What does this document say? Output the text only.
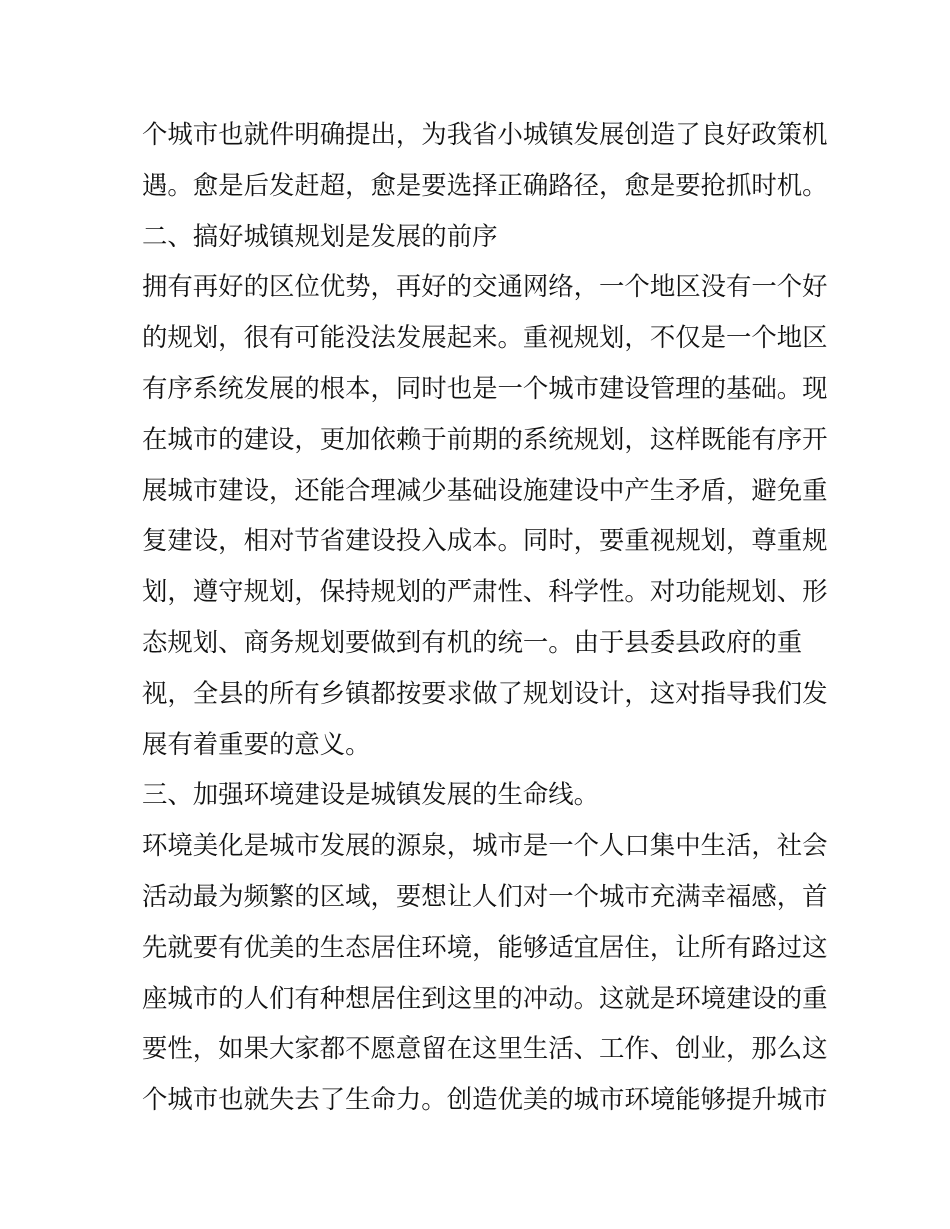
个城市也就件明确提出，为我省小城镇发展创造了良好政策机
遇。愈是后发赶超，愈是要选择正确路径，愈是要抢抓时机。
二、搞好城镇规划是发展的前序
拥有再好的区位优势，再好的交通网络，一个地区没有一个好
的规划，很有可能没法发展起来。重视规划，不仅是一个地区
有序系统发展的根本，同时也是一个城市建设管理的基础。现
在城市的建设，更加依赖于前期的系统规划，这样既能有序开
展城市建设，还能合理减少基础设施建设中产生矛盾，避免重
复建设，相对节省建设投入成本。同时，要重视规划，尊重规
划，遵守规划，保持规划的严肃性、科学性。对功能规划、形
态规划、商务规划要做到有机的统一。由于县委县政府的重
视，全县的所有乡镇都按要求做了规划设计，这对指导我们发
展有着重要的意义。
三、加强环境建设是城镇发展的生命线。
环境美化是城市发展的源泉，城市是一个人口集中生活，社会
活动最为频繁的区域，要想让人们对一个城市充满幸福感，首
先就要有优美的生态居住环境，能够适宜居住，让所有路过这
座城市的人们有种想居住到这里的冲动。这就是环境建设的重
要性，如果大家都不愿意留在这里生活、工作、创业，那么这
个城市也就失去了生命力。创造优美的城市环境能够提升城市
